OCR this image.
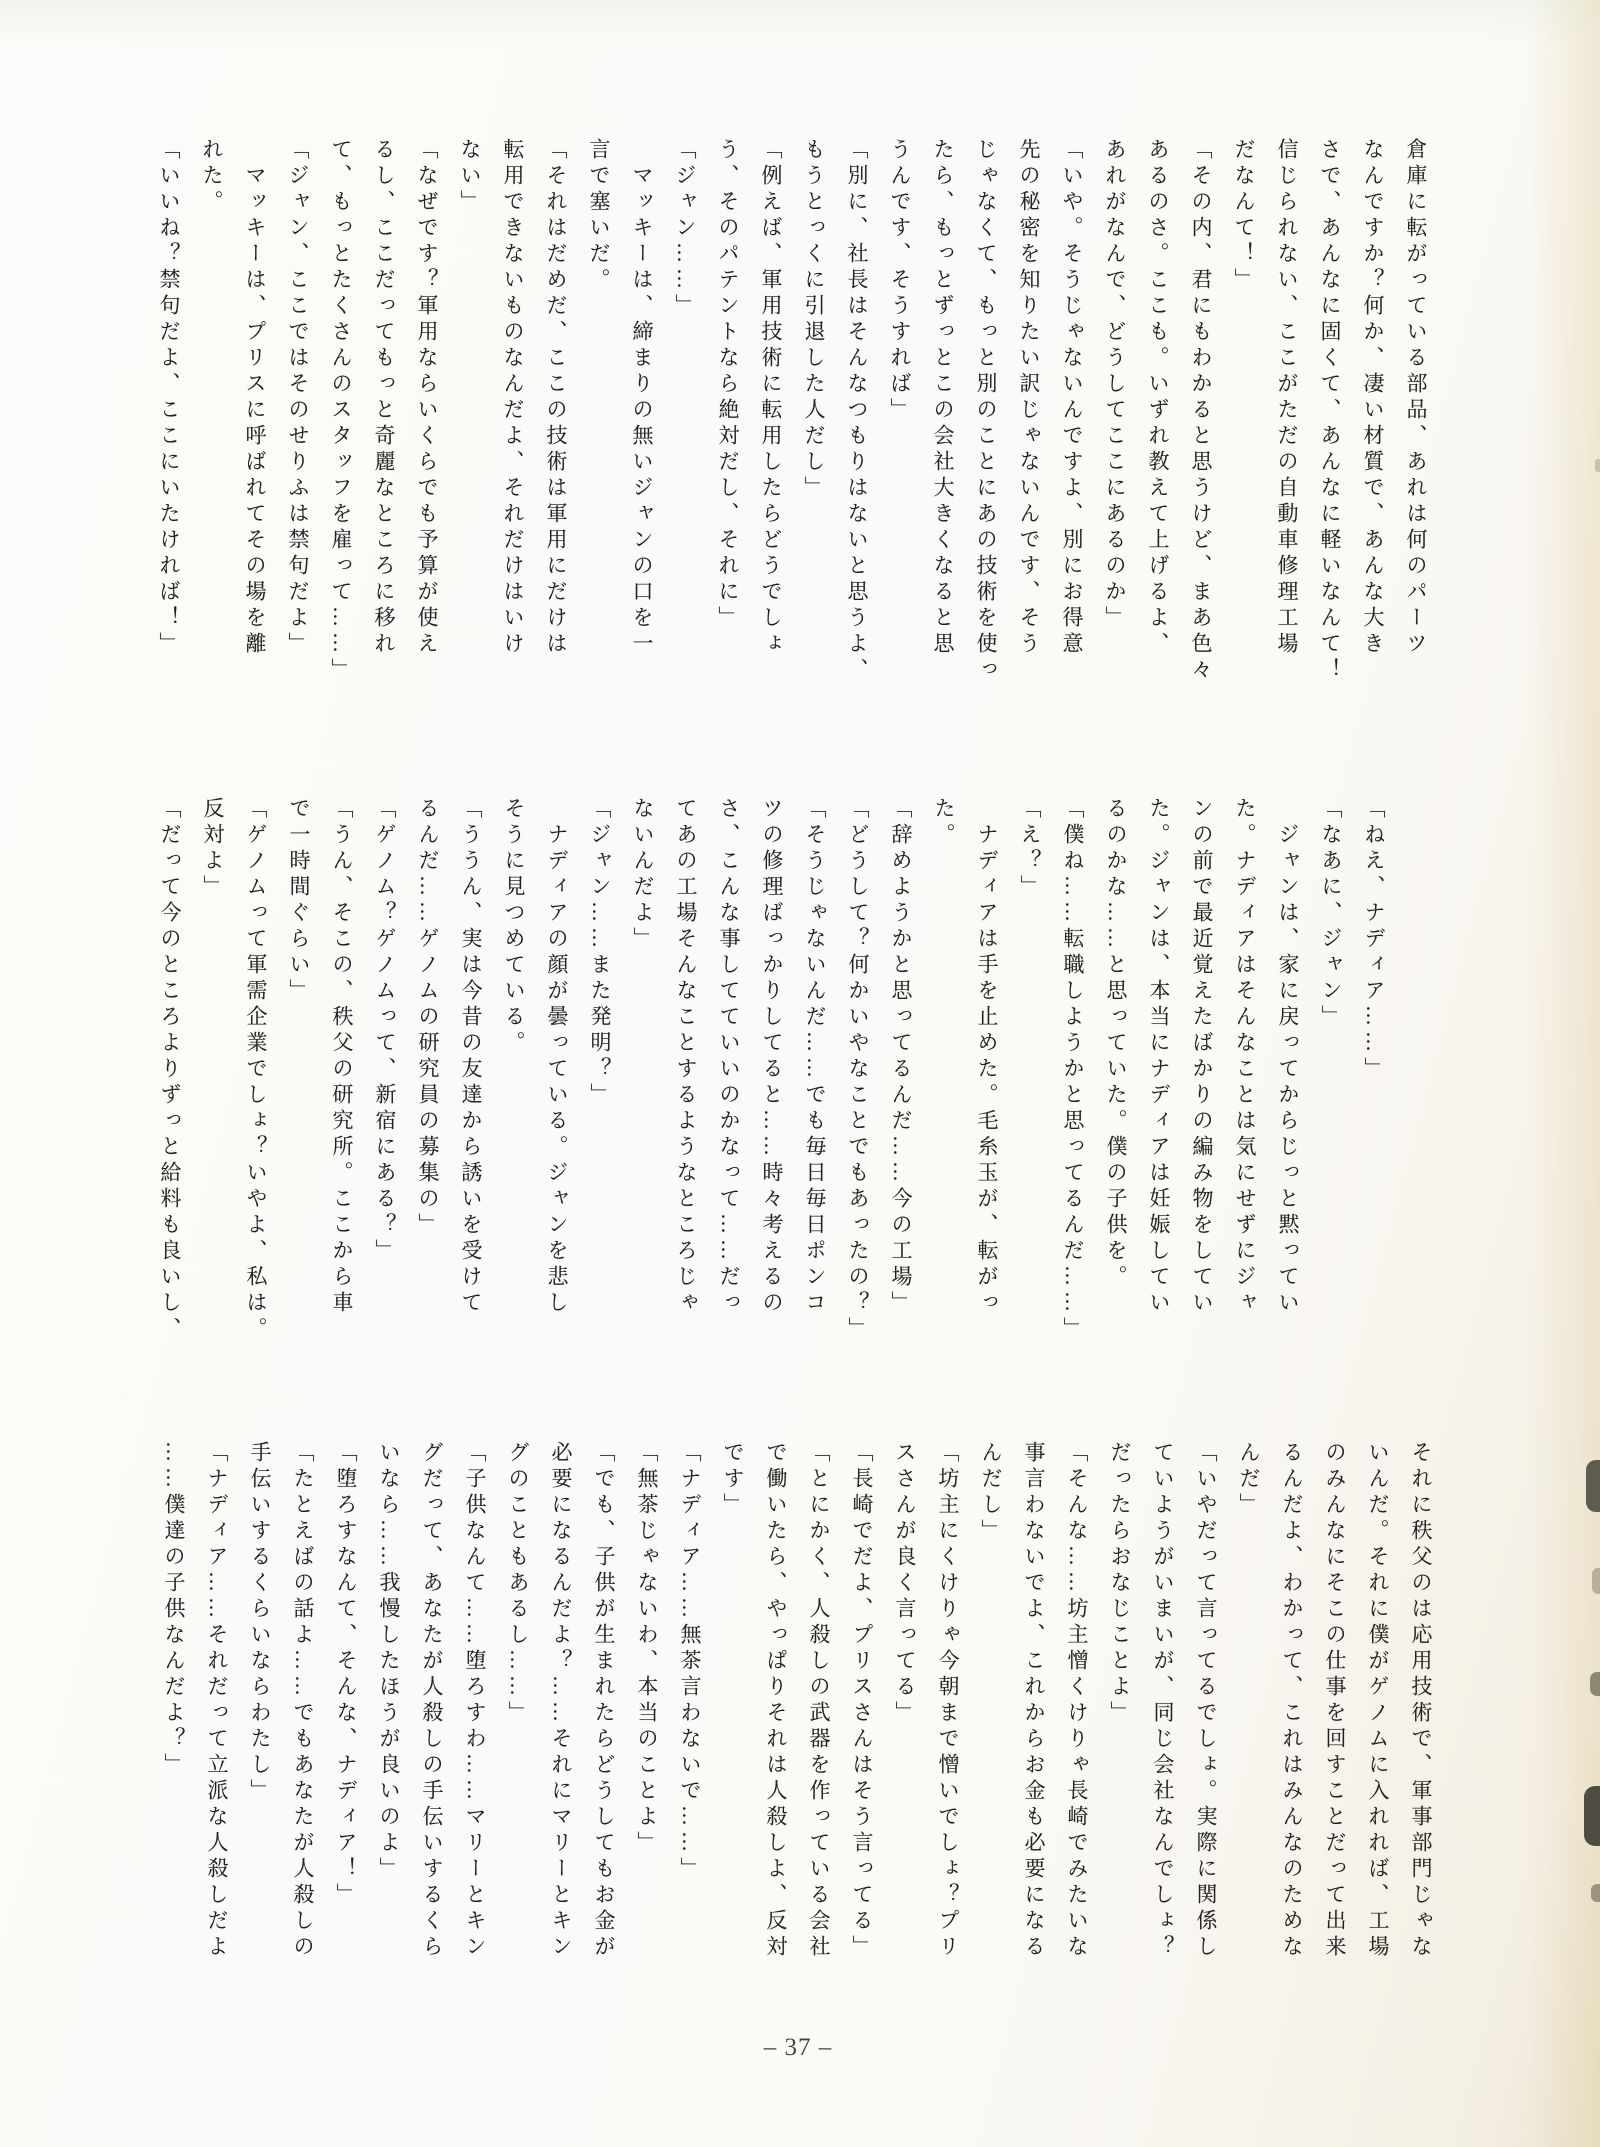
倉庫に転がっている部品、あれは何のパーツ
なんですか？何か、凄い材質で、あんな大き
さで、あんなに固くて、あんなに軽いなんて！
信じられない、ここがただの自動車修理工場
だなんて！」
「その内、君にもわかると思うけど、まあ色々
あるのさ。ここも。いずれ教えて上げるよ、
あれがなんで、どうしてここにあるのか」
「いや。そうじゃないんですよ、別にお得意
先の秘密を知りたい訳じゃないんです、そう
じゃなくて、もっと別のことにあの技術を使っ
たら、もっとずっとこの会社大きくなると思
うんです、そうすれば」
「別に、社長はそんなつもりはないと思うよ、
もうとっくに引退した人だし」
「例えば、軍用技術に転用したらどうでしょ
う、そのパテントなら絶対だし、それに」
「ジャン……」
　マッキーは、締まりの無いジャンの口を一
言で塞いだ。
「それはだめだ、ここの技術は軍用にだけは
転用できないものなんだよ、それだけはいけ
ない」
「なぜです？軍用ならいくらでも予算が使え
るし、ここだってもっと奇麗なところに移れ
て、もっとたくさんのスタッフを雇って……」
「ジャン、ここではそのせりふは禁句だよ」
　マッキーは、プリスに呼ばれてその場を離
れた。
「いいね？禁句だよ、ここにいたければ！」
「ねえ、ナディア……」
「なあに、ジャン」
　ジャンは、家に戻ってからじっと黙ってい
た。ナディアはそんなことは気にせずにジャ
ンの前で最近覚えたばかりの編み物をしてい
た。ジャンは、本当にナディアは妊娠してい
るのかな……と思っていた。僕の子供を。
「僕ね……転職しようかと思ってるんだ……」
「え？」
　ナディアは手を止めた。毛糸玉が、転がっ
た。
「辞めようかと思ってるんだ……今の工場」
「どうして？何かいやなことでもあったの？」
「そうじゃないんだ……でも毎日毎日ポンコ
ツの修理ばっかりしてると……時々考えるの
さ、こんな事してていいのかなって……だっ
てあの工場そんなことするようなところじゃ
ないんだよ」
「ジャン……また発明？」
　ナディアの顔が曇っている。ジャンを悲し
そうに見つめている。
「ううん、実は今昔の友達から誘いを受けて
るんだ……ゲノムの研究員の募集の」
「ゲノム？ゲノムって、新宿にある？」
「うん、そこの、秩父の研究所。ここから車
で一時間ぐらい」
「ゲノムって軍需企業でしょ？いやよ、私は。
反対よ」
「だって今のところよりずっと給料も良いし、
それに秩父のは応用技術で、軍事部門じゃな
いんだ。それに僕がゲノムに入れれば、工場
のみんなにそこの仕事を回すことだって出来
るんだよ、わかって、これはみんなのためな
んだ」
「いやだって言ってるでしょ。実際に関係し
ていようがいまいが、同じ会社なんでしょ？
だったらおなじことよ」
「そんな……坊主憎くけりゃ長崎でみたいな
事言わないでよ、これからお金も必要になる
んだし」
「坊主にくけりゃ今朝まで憎いでしょ？プリ
スさんが良く言ってる」
「長崎でだよ、プリスさんはそう言ってる」
「とにかく、人殺しの武器を作っている会社
で働いたら、やっぱりそれは人殺しよ、反対
です」
「ナディア……無茶言わないで……」
「無茶じゃないわ、本当のことよ」
「でも、子供が生まれたらどうしてもお金が
必要になるんだよ？……それにマリーとキン
グのこともあるし……」
「子供なんて……堕ろすわ……マリーとキン
グだって、あなたが人殺しの手伝いするくら
いなら……我慢したほうが良いのよ」
「堕ろすなんて、そんな、ナディア！」
「たとえばの話よ……でもあなたが人殺しの
手伝いするくらいならわたし」
「ナディア……それだって立派な人殺しだよ
……僕達の子供なんだよ？」
– 37 –
